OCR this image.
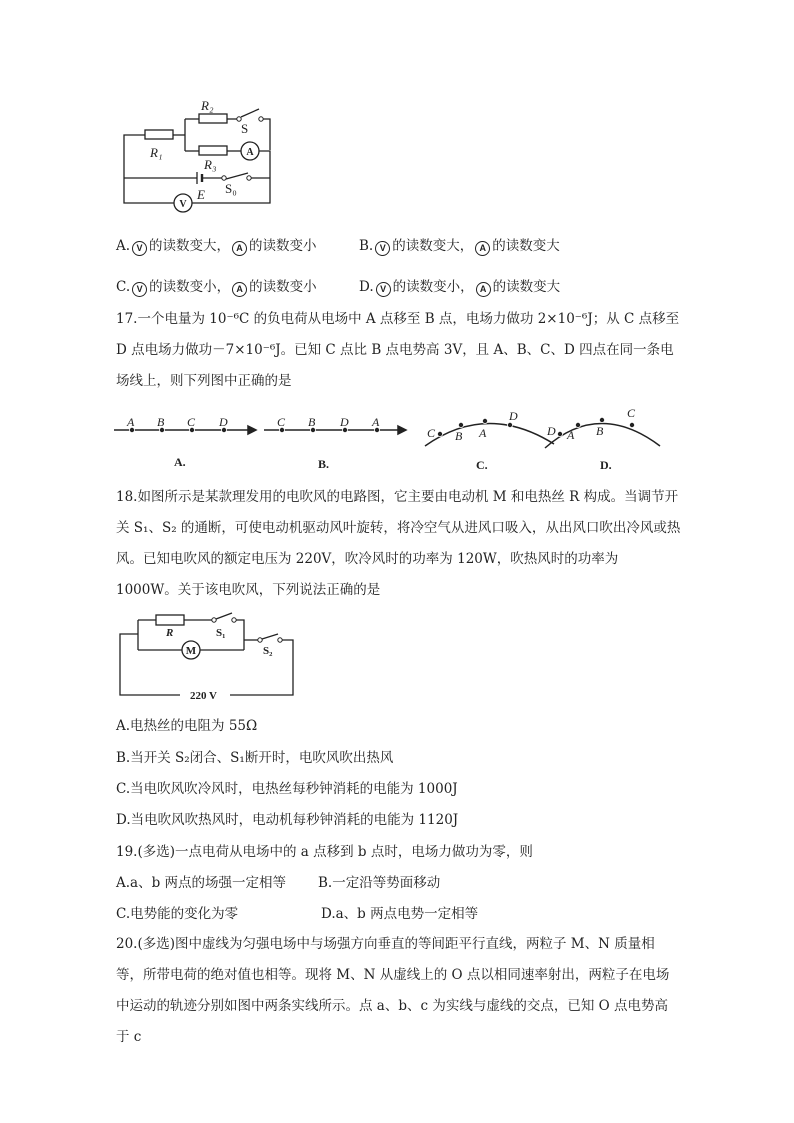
R₂
R₁
R₃
S
E S₀
A
V
A. V 的读数变大， A 的读数变小	B. V 的读数变大， A 的读数变大
C. V 的读数变小， A 的读数变小	D. V 的读数变小， A 的读数变大
17.一个电量为 10⁻⁶C 的负电荷从电场中 A 点移至 B 点，电场力做功 2×10⁻⁶J；从 C 点移至 D 点电场力做功－7×10⁻⁶J。已知 C 点比 B 点电势高 3V，且 A、B、C、D 四点在同一条电场线上，则下列图中正确的是
A B C D	C B D A
C B A
D
D A B
C
A.	B.	C.	D.
18.如图所示是某款理发用的电吹风的电路图，它主要由电动机 M 和电热丝 R 构成。当调节开关 S₁、S₂ 的通断，可使电动机驱动风叶旋转，将冷空气从进风口吸入，从出风口吹出冷风或热风。已知电吹风的额定电压为 220V，吹冷风时的功率为 120W，吹热风时的功率为 1000W。关于该电吹风，下列说法正确的是
R	S₁
S₂
M
220 V
A.电热丝的电阻为 55Ω
B.当开关 S₂闭合、S₁断开时，电吹风吹出热风
C.当电吹风吹冷风时，电热丝每秒钟消耗的电能为 1000J
D.当电吹风吹热风时，电动机每秒钟消耗的电能为 1120J
19.(多选)一点电荷从电场中的 a 点移到 b 点时，电场力做功为零，则
A.a、b 两点的场强一定相等 B.一定沿等势面移动
C.电势能的变化为零	D.a、b 两点电势一定相等
20.(多选)图中虚线为匀强电场中与场强方向垂直的等间距平行直线，两粒子 M、N 质量相等，所带电荷的绝对值也相等。现将 M、N 从虚线上的 O 点以相同速率射出，两粒子在电场中运动的轨迹分别如图中两条实线所示。点 a、b、c 为实线与虚线的交点，已知 O 点电势高于 c
